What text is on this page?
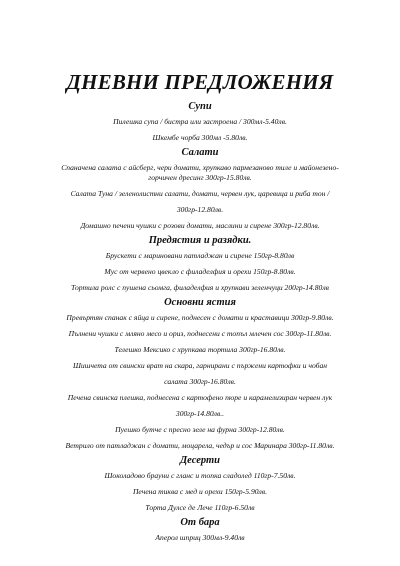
ДНЕВНИ ПРЕДЛОЖЕНИЯ
Супи
Пилешка супа / бистра или застроена / 300мл-5.40лв.
Шкембе чорба 300мл -5.80лв.
Салати
Спаначена салата с айсберг, чери домати, хрупкаво пармезаново тиле и майонезено-горчичен дресинг 300гр-15.80лв.
Салата Туна / зеленолистни салати, домати, червен лук, царевица и риба тон /
300гр-12.80лв.
Домашно печени чушки с розови домати, маслини и сирене 300гр-12.80лв.
Предястия и разядки.
Брускети с мариновани патладжан и сирене 150гр-8.80лв
Мус от червено цвекло с филаделфия и орехи 150гр-8.80лв.
Тортила ролс с пушена сьомга, филаделфия и хрупкави зеленчуци 200гр-14.80лв
Основни ястия
Превъртян спанак с яйца и сирене, поднесен с домати и краставици 300гр-9.80лв.
Пълнени чушки с мляно месо и ориз, поднесени с топъл млечен сос 300гр-11.80лв.
Телешко Мексико с хрупкава тортила 300гр-16.80лв.
Шишчета от свински врат на скара, гарнирани с пържени картофки и чобан
салата 300гр-16.80лв.
Печена свинска плешка, поднесена с картофено пюре и карамелизиран червен лук
300гр-14.80лв..
Пуешко бутче с пресно зеле на фурна 300гр-12.80лв.
Ветрило от патладжан с домати, моцарела, чедър и сос Маринара 300гр-11.80лв.
Десерти
Шоколадово брауни с гланс и топка сладолед 110гр-7.50лв.
Печена тиква с мед и орехи 150гр-5.90лв.
Торта Дулсе де Лече 110гр-6.50лв
От бара
Аперол шприц 300мл-9.40лв
